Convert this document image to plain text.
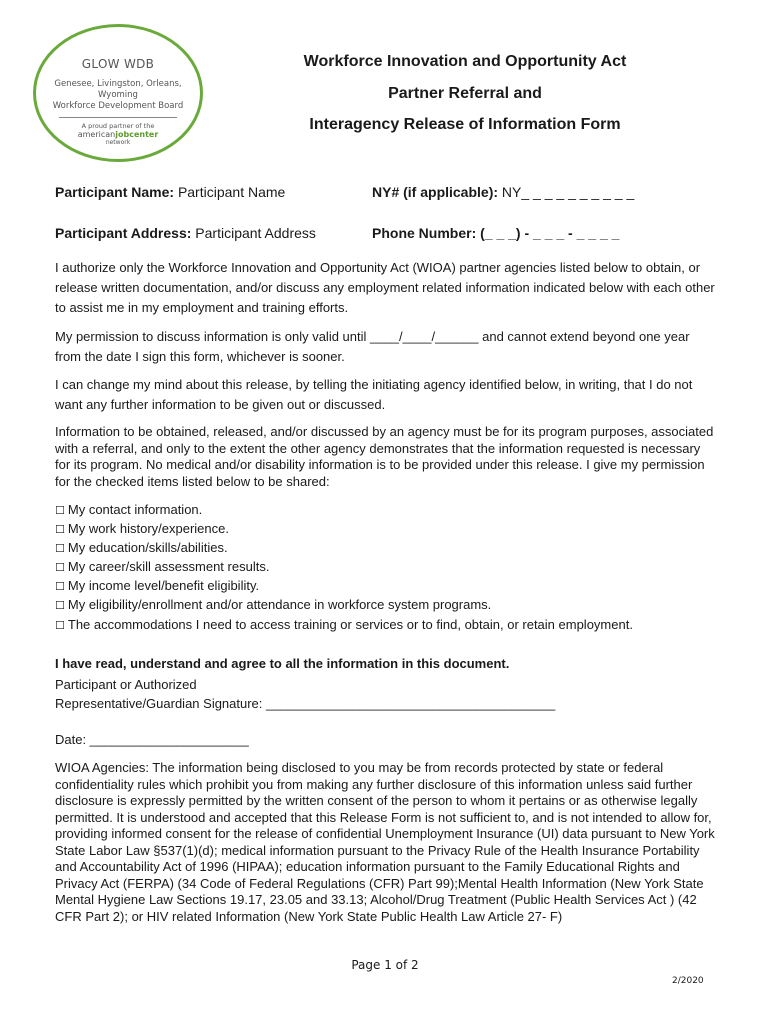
GLOW WDB
Genesee, Livingston, Orleans, Wyoming
Workforce Development Board
A proud partner of the
americanjobcenter
network
Workforce Innovation and Opportunity Act
Partner Referral and
Interagency Release of Information Form
Participant Name: Participant Name	NY# (if applicable): NY_ _ _ _ _ _ _ _ _ _
Participant Address: Participant Address	Phone Number: (_ _ _) - _ _ _ - _ _ _ _
I authorize only the Workforce Innovation and Opportunity Act (WIOA) partner agencies listed below to obtain, or release written documentation, and/or discuss any employment related information indicated below with each other to assist me in my employment and training efforts.
My permission to discuss information is only valid until ____/____/______ and cannot extend beyond one year from the date I sign this form, whichever is sooner.
I can change my mind about this release, by telling the initiating agency identified below, in writing, that I do not want any further information to be given out or discussed.
Information to be obtained, released, and/or discussed by an agency must be for its program purposes, associated with a referral, and only to the extent the other agency demonstrates that the information requested is necessary for its program. No medical and/or disability information is to be provided under this release. I give my permission for the checked items listed below to be shared:
☐ My contact information.
☐ My work history/experience.
☐ My education/skills/abilities.
☐ My career/skill assessment results.
☐ My income level/benefit eligibility.
☐ My eligibility/enrollment and/or attendance in workforce system programs.
☐ The accommodations I need to access training or services or to find, obtain, or retain employment.
I have read, understand and agree to all the information in this document.
Participant or Authorized
Representative/Guardian Signature: ________________________________________
Date: ______________________
WIOA Agencies: The information being disclosed to you may be from records protected by state or federal confidentiality rules which prohibit you from making any further disclosure of this information unless said further disclosure is expressly permitted by the written consent of the person to whom it pertains or as otherwise legally permitted. It is understood and accepted that this Release Form is not sufficient to, and is not intended to allow for, providing informed consent for the release of confidential Unemployment Insurance (UI) data pursuant to New York State Labor Law §537(1)(d); medical information pursuant to the Privacy Rule of the Health Insurance Portability and Accountability Act of 1996 (HIPAA); education information pursuant to the Family Educational Rights and Privacy Act (FERPA) (34 Code of Federal Regulations (CFR) Part 99);Mental Health Information (New York State Mental Hygiene Law Sections 19.17, 23.05 and 33.13; Alcohol/Drug Treatment (Public Health Services Act ) (42 CFR Part 2); or HIV related Information (New York State Public Health Law Article 27- F)
Page 1 of 2
2/2020
